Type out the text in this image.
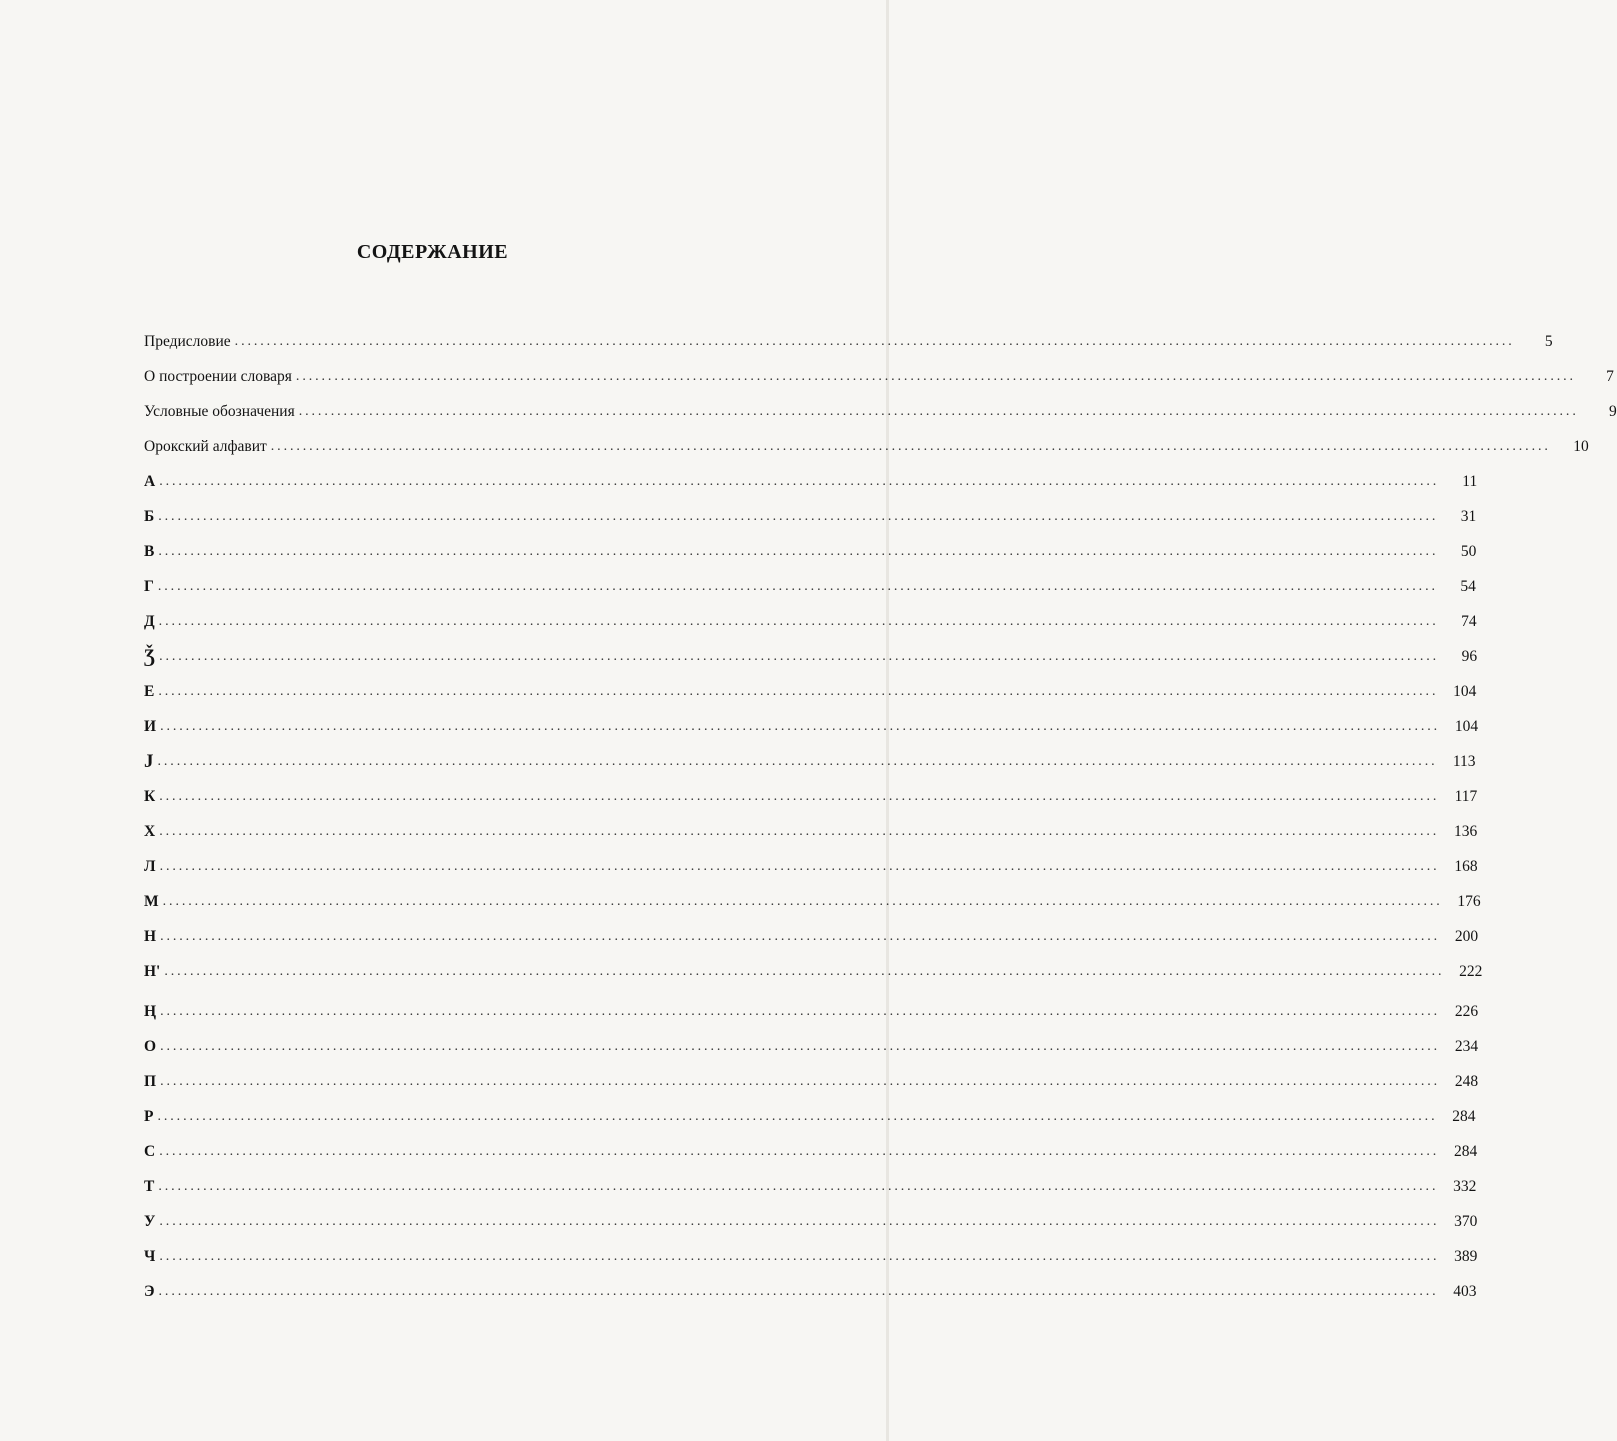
СОДЕРЖАНИЕ
Предисловие ........................................................................................................................................................................................................	5
О построении словаря ........................................................................................................................................................................................................	7
Условные обозначения ........................................................................................................................................................................................................	9
Орокский алфавит ........................................................................................................................................................................................................	10
А ........................................................................................................................................................................................................	11
Б ........................................................................................................................................................................................................	31
В ........................................................................................................................................................................................................	50
Г ........................................................................................................................................................................................................	54
Д ........................................................................................................................................................................................................	74
Ǯ ........................................................................................................................................................................................................	96
Е ........................................................................................................................................................................................................ 104
И ........................................................................................................................................................................................................ 104
J ........................................................................................................................................................................................................ 113
К ........................................................................................................................................................................................................ 117
Х ........................................................................................................................................................................................................ 136
Л ........................................................................................................................................................................................................ 168
М ........................................................................................................................................................................................................ 176
Н ........................................................................................................................................................................................................ 200
Н' ........................................................................................................................................................................................................ 222
Ң ........................................................................................................................................................................................................ 226
О ........................................................................................................................................................................................................ 234
П ........................................................................................................................................................................................................ 248
Р ........................................................................................................................................................................................................ 284
С ........................................................................................................................................................................................................ 284
Т ........................................................................................................................................................................................................ 332
У ........................................................................................................................................................................................................ 370
Ч ........................................................................................................................................................................................................ 389
Э ........................................................................................................................................................................................................ 403
